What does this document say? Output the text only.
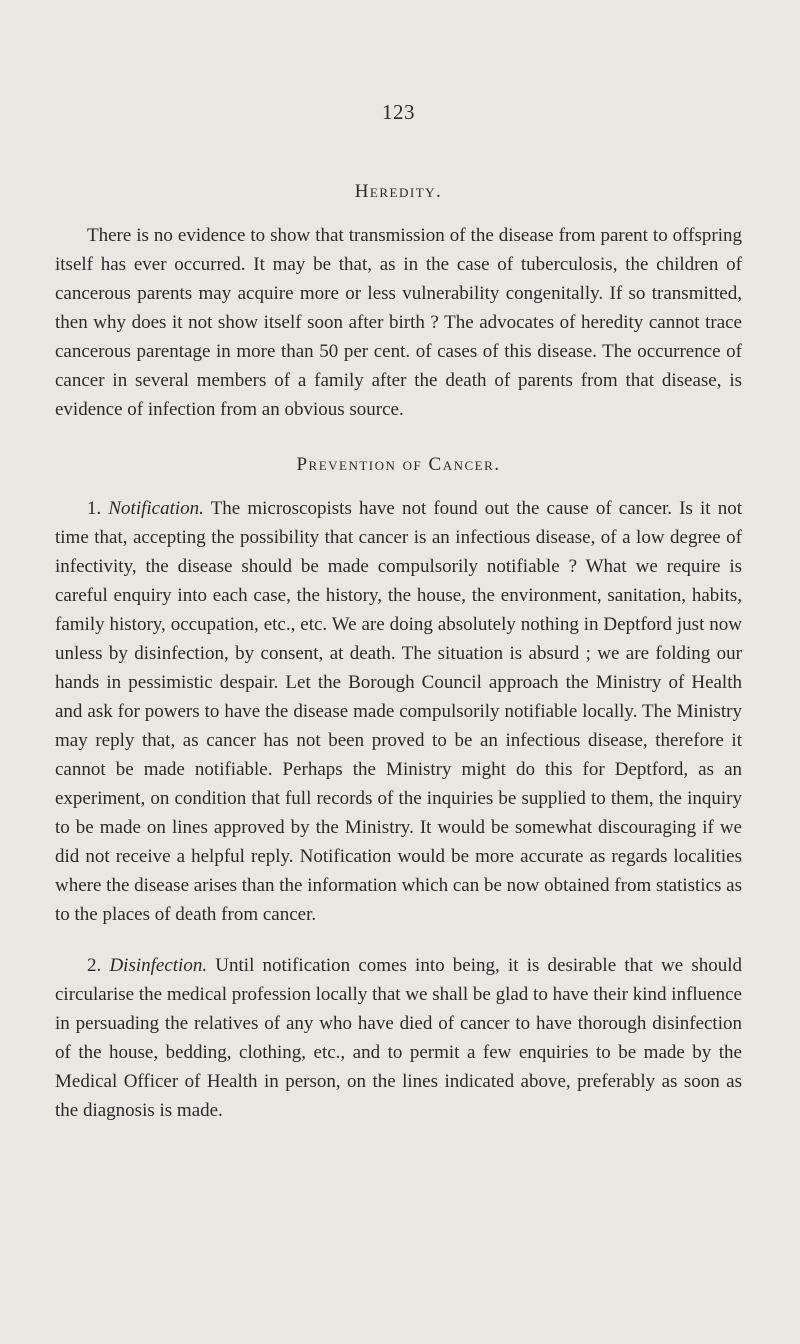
123
Heredity.

There is no evidence to show that transmission of the disease from parent to offspring itself has ever occurred. It may be that, as in the case of tuberculosis, the children of cancerous parents may acquire more or less vulnerability congenitally. If so transmitted, then why does it not show itself soon after birth ? The advocates of heredity cannot trace cancerous parentage in more than 50 per cent. of cases of this disease. The occurrence of cancer in several members of a family after the death of parents from that disease, is evidence of infection from an obvious source.

Prevention of Cancer.

1. Notification. The microscopists have not found out the cause of cancer. Is it not time that, accepting the possibility that cancer is an infectious disease, of a low degree of infectivity, the disease should be made compulsorily notifiable ? What we require is careful enquiry into each case, the history, the house, the environment, sanitation, habits, family history, occupation, etc., etc. We are doing absolutely nothing in Deptford just now unless by disinfection, by consent, at death. The situation is absurd ; we are folding our hands in pessimistic despair. Let the Borough Council approach the Ministry of Health and ask for powers to have the disease made compulsorily notifiable locally. The Ministry may reply that, as cancer has not been proved to be an infectious disease, therefore it cannot be made notifiable. Perhaps the Ministry might do this for Deptford, as an experiment, on condition that full records of the inquiries be supplied to them, the inquiry to be made on lines approved by the Ministry. It would be somewhat discouraging if we did not receive a helpful reply. Notification would be more accurate as regards localities where the disease arises than the information which can be now obtained from statistics as to the places of death from cancer.

2. Disinfection. Until notification comes into being, it is desirable that we should circularise the medical profession locally that we shall be glad to have their kind influence in persuading the relatives of any who have died of cancer to have thorough disinfection of the house, bedding, clothing, etc., and to permit a few enquiries to be made by the Medical Officer of Health in person, on the lines indicated above, preferably as soon as the diagnosis is made.
